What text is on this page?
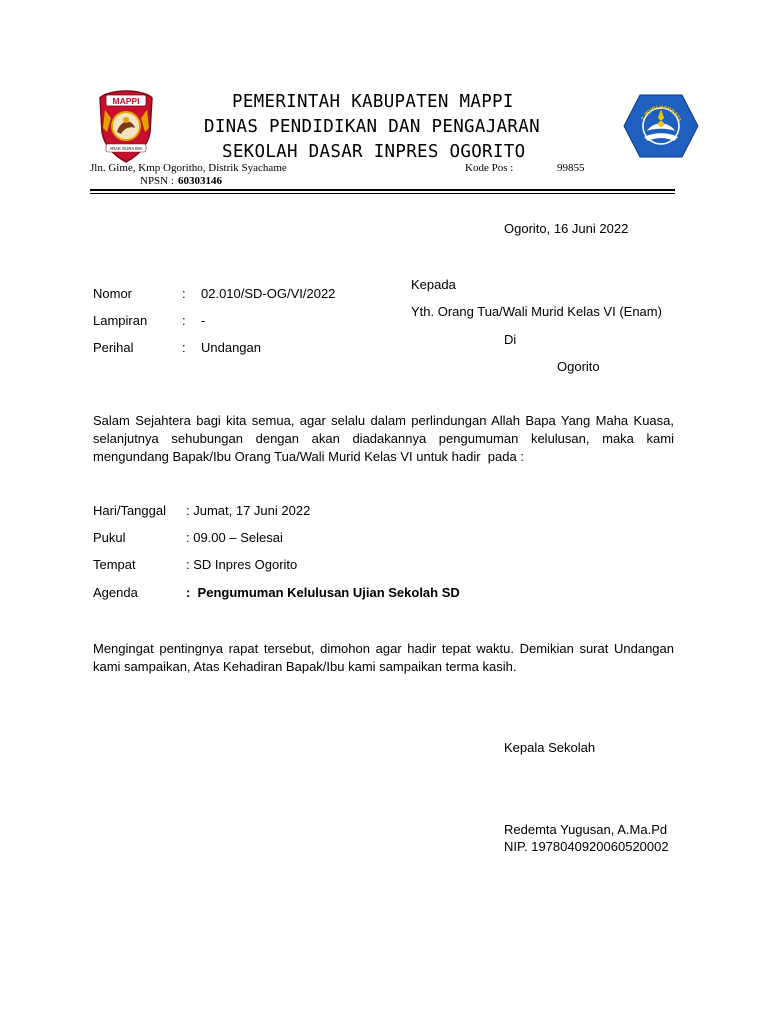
MAPPI
ARAK GURA IMA
PEMERINTAH KABUPATEN MAPPI
DINAS PENDIDIKAN DAN PENGAJARAN
SEKOLAH DASAR INPRES OGORITO
T WURI HANDAYA
Jln. Gime, Kmp Ogoritho, Distrik Syachame	Kode Pos :	99855
NPSN : 60303146
Ogorito, 16 Juni 2022
Nomor	: 02.010/SD-OG/VI/2022
Lampiran	: -
Perihal	: Undangan
Kepada
Yth. Orang Tua/Wali Murid Kelas VI (Enam)
Di
Ogorito
Salam Sejahtera bagi kita semua, agar selalu dalam perlindungan Allah Bapa Yang Maha Kuasa,
selanjutnya sehubungan dengan akan diadakannya pengumuman kelulusan, maka kami
mengundang Bapak/Ibu Orang Tua/Wali Murid Kelas VI untuk hadir  pada :
Hari/Tanggal : Jumat, 17 Juni 2022
Pukul	: 09.00 – Selesai
Tempat	: SD Inpres Ogorito
Agenda	:  Pengumuman Kelulusan Ujian Sekolah SD
Mengingat pentingnya rapat tersebut, dimohon agar hadir tepat waktu. Demikian surat Undangan
kami sampaikan, Atas Kehadiran Bapak/Ibu kami sampaikan terma kasih.
Kepala Sekolah
Redemta Yugusan, A.Ma.Pd
NIP. 1978040920060520002
